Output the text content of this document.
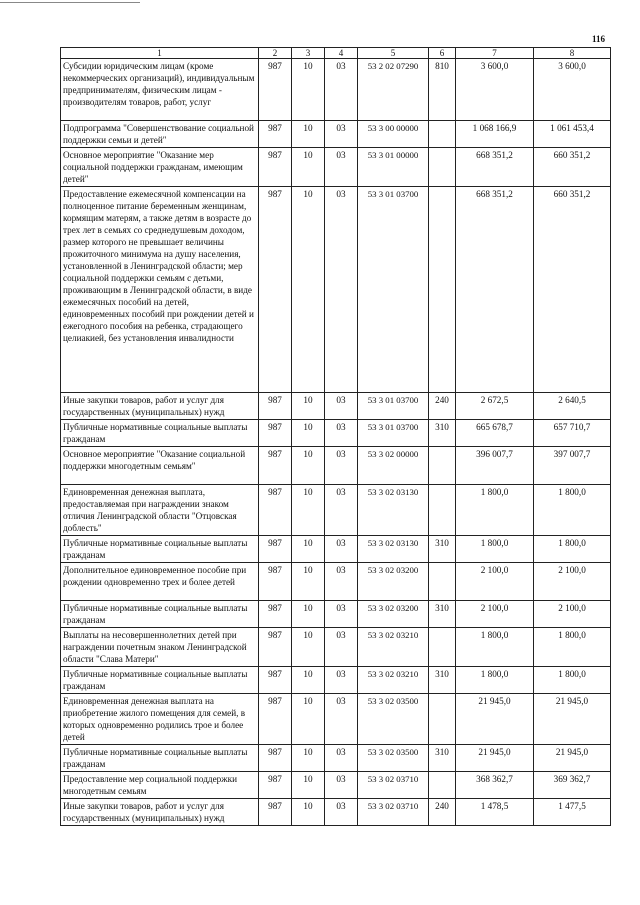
116
1	2	3	4	5	6	7	8
Субсидии юридическим лицам (кроме некоммерческих организаций), индивидуальным предпринимателям, физическим лицам - производителям товаров, работ, услуг	987	10	03	53 2 02 07290	810	3 600,0	3 600,0
Подпрограмма "Совершенствование социальной поддержки семьи и детей"	987	10	03	53 3 00 00000		1 068 166,9	1 061 453,4
Основное мероприятие "Оказание мер социальной поддержки гражданам, имеющим детей"	987	10	03	53 3 01 00000		668 351,2	660 351,2
Предоставление ежемесячной компенсации на полноценное питание беременным женщинам, кормящим матерям, а также детям в возрасте до трех лет в семьях со среднедушевым доходом, размер которого не превышает величины прожиточного минимума на душу населения, установленной в Ленинградской области; мер социальной поддержки семьям с детьми, проживающим в Ленинградской области, в виде ежемесячных пособий на детей, единовременных пособий при рождении детей и ежегодного пособия на ребенка, страдающего целиакией, без установления инвалидности	987	10	03	53 3 01 03700		668 351,2	660 351,2
Иные закупки товаров, работ и услуг для государственных (муниципальных) нужд	987	10	03	53 3 01 03700	240	2 672,5	2 640,5
Публичные нормативные социальные выплаты гражданам	987	10	03	53 3 01 03700	310	665 678,7	657 710,7
Основное мероприятие "Оказание социальной поддержки многодетным семьям"	987	10	03	53 3 02 00000		396 007,7	397 007,7
Единовременная денежная выплата, предоставляемая при награждении знаком отличия Ленинградской области "Отцовская доблесть"	987	10	03	53 3 02 03130		1 800,0	1 800,0
Публичные нормативные социальные выплаты гражданам	987	10	03	53 3 02 03130	310	1 800,0	1 800,0
Дополнительное единовременное пособие при рождении одновременно трех и более детей	987	10	03	53 3 02 03200		2 100,0	2 100,0
Публичные нормативные социальные выплаты гражданам	987	10	03	53 3 02 03200	310	2 100,0	2 100,0
Выплаты на несовершеннолетних детей при награждении почетным знаком Ленинградской области "Слава Матери"	987	10	03	53 3 02 03210		1 800,0	1 800,0
Публичные нормативные социальные выплаты гражданам	987	10	03	53 3 02 03210	310	1 800,0	1 800,0
Единовременная денежная выплата на приобретение жилого помещения для семей, в которых одновременно родились трое и более детей	987	10	03	53 3 02 03500		21 945,0	21 945,0
Публичные нормативные социальные выплаты гражданам	987	10	03	53 3 02 03500	310	21 945,0	21 945,0
Предоставление мер социальной поддержки многодетным семьям	987	10	03	53 3 02 03710		368 362,7	369 362,7
Иные закупки товаров, работ и услуг для государственных (муниципальных) нужд	987	10	03	53 3 02 03710	240	1 478,5	1 477,5
